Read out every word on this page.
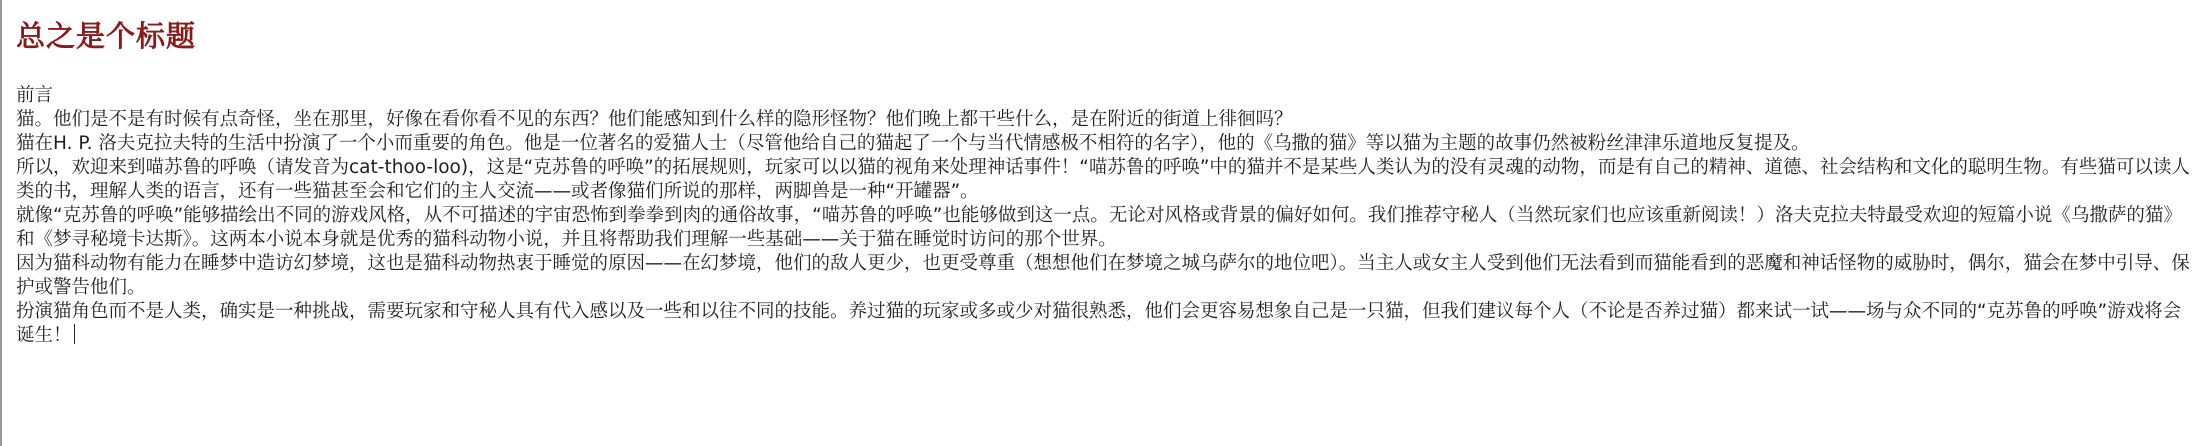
总之是个标题

前言

猫。他们是不是有时候有点奇怪，坐在那里，好像在看你看不见的东西？他们能感知到什么样的隐形怪物？他们晚上都干些什么，是在附近的街道上徘徊吗？

猫在H. P. 洛夫克拉夫特的生活中扮演了一个小而重要的角色。他是一位著名的爱猫人士（尽管他给自己的猫起了一个与当代情感极不相符的名字），他的《乌撒的猫》等以猫为主题的故事仍然被粉丝津津乐道地反复提及。

所以，欢迎来到喵苏鲁的呼唤（请发音为cat-thoo-loo)，这是“克苏鲁的呼唤”的拓展规则，玩家可以以猫的视角来处理神话事件！“喵苏鲁的呼唤”中的猫并不是某些人类认为的没有灵魂的动物，而是有自己的精神、道德、社会结构和文化的聪明生物。有些猫可以读人类的书，理解人类的语言，还有一些猫甚至会和它们的主人交流——或者像猫们所说的那样，两脚兽是一种“开罐器”。

就像“克苏鲁的呼唤”能够描绘出不同的游戏风格，从不可描述的宇宙恐怖到拳拳到肉的通俗故事，“喵苏鲁的呼唤”也能够做到这一点。无论对风格或背景的偏好如何。我们推荐守秘人（当然玩家们也应该重新阅读！）洛夫克拉夫特最受欢迎的短篇小说《乌撒萨的猫》和《梦寻秘境卡达斯》。这两本小说本身就是优秀的猫科动物小说，并且将帮助我们理解一些基础——关于猫在睡觉时访问的那个世界。

因为猫科动物有能力在睡梦中造访幻梦境，这也是猫科动物热衷于睡觉的原因——在幻梦境，他们的敌人更少，也更受尊重（想想他们在梦境之城乌萨尔的地位吧）。当主人或女主人受到他们无法看到而猫能看到的恶魔和神话怪物的威胁时，偶尔，猫会在梦中引导、保护或警告他们。

扮演猫角色而不是人类，确实是一种挑战，需要玩家和守秘人具有代入感以及一些和以往不同的技能。养过猫的玩家或多或少对猫很熟悉，他们会更容易想象自己是一只猫，但我们建议每个人（不论是否养过猫）都来试一试——场与众不同的“克苏鲁的呼唤”游戏将会诞生！
